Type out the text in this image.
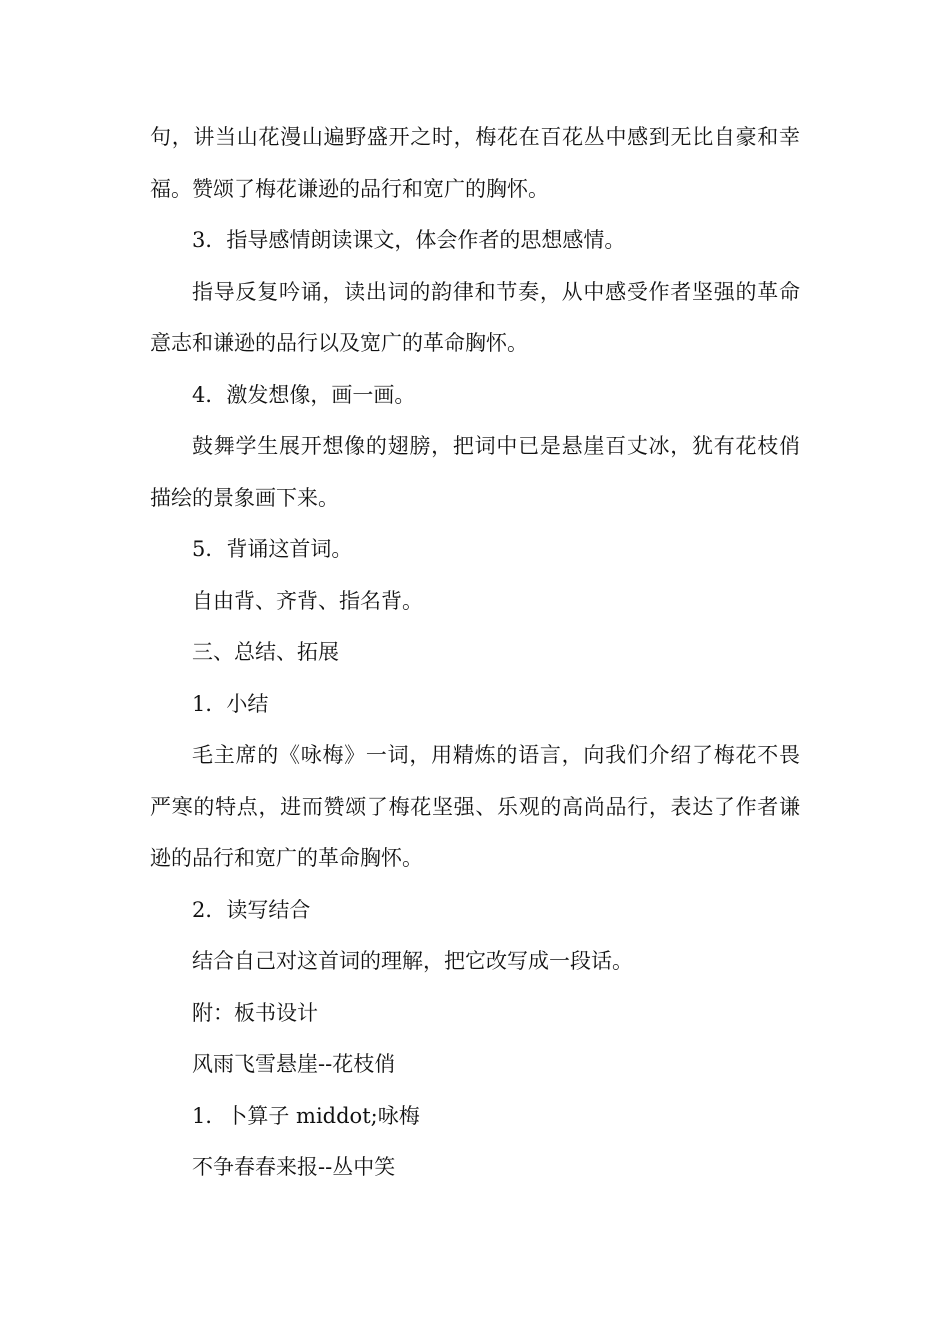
句，讲当山花漫山遍野盛开之时，梅花在百花丛中感到无比自豪和幸福。赞颂了梅花谦逊的品行和宽广的胸怀。

3．指导感情朗读课文，体会作者的思想感情。

指导反复吟诵，读出词的韵律和节奏，从中感受作者坚强的革命意志和谦逊的品行以及宽广的革命胸怀。

4．激发想像，画一画。

鼓舞学生展开想像的翅膀，把词中已是悬崖百丈冰，犹有花枝俏描绘的景象画下来。

5．背诵这首词。

自由背、齐背、指名背。

三、总结、拓展

1．小结

毛主席的《咏梅》一词，用精炼的语言，向我们介绍了梅花不畏严寒的特点，进而赞颂了梅花坚强、乐观的高尚品行，表达了作者谦逊的品行和宽广的革命胸怀。

2．读写结合

结合自己对这首词的理解，把它改写成一段话。

附：板书设计

风雨飞雪悬崖--花枝俏

1．卜算子 middot;咏梅

不争春春来报--丛中笑
